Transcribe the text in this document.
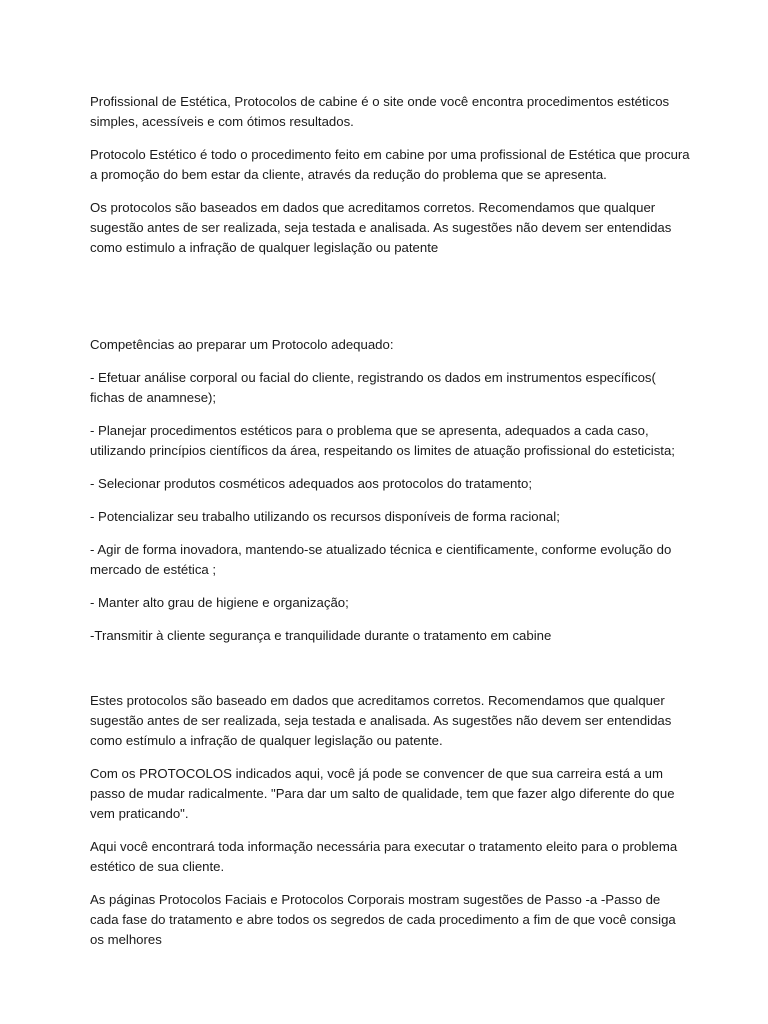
Profissional de Estética, Protocolos de cabine é o site onde você encontra procedimentos estéticos simples, acessíveis e com ótimos resultados.

Protocolo Estético é todo o procedimento feito em cabine por uma profissional de Estética que procura a promoção do bem estar da cliente, através da redução do problema que se apresenta.

Os protocolos são baseados em dados que acreditamos corretos. Recomendamos que qualquer sugestão antes de ser realizada, seja testada e analisada. As sugestões não devem ser entendidas como estimulo a infração de qualquer legislação ou patente

Competências ao preparar um Protocolo adequado:

- Efetuar análise corporal ou facial do cliente, registrando os dados em instrumentos específicos( fichas de anamnese);

- Planejar procedimentos estéticos para o problema que se apresenta, adequados a cada caso, utilizando princípios científicos da área, respeitando os limites de atuação profissional do esteticista;

- Selecionar produtos cosméticos adequados aos protocolos do tratamento;

- Potencializar seu trabalho utilizando os recursos disponíveis de forma racional;

- Agir de forma inovadora, mantendo-se atualizado técnica e cientificamente, conforme evolução do mercado de estética ;

- Manter alto grau de higiene e organização;

-Transmitir à cliente segurança e tranquilidade durante o tratamento em cabine

Estes protocolos são baseado em dados que acreditamos corretos. Recomendamos que qualquer sugestão antes de ser realizada, seja testada e analisada. As sugestões não devem ser entendidas como estímulo a infração de qualquer legislação ou patente.

Com os PROTOCOLOS indicados aqui, você já pode se convencer de que sua carreira está a um passo de mudar radicalmente. "Para dar um salto de qualidade, tem que fazer algo diferente do que vem praticando".

Aqui você encontrará toda informação necessária para executar o tratamento eleito para o problema estético de sua cliente.

As páginas Protocolos Faciais e Protocolos Corporais mostram sugestões de Passo -a -Passo de cada fase do tratamento e abre todos os segredos de cada procedimento a fim de que você consiga os melhores
